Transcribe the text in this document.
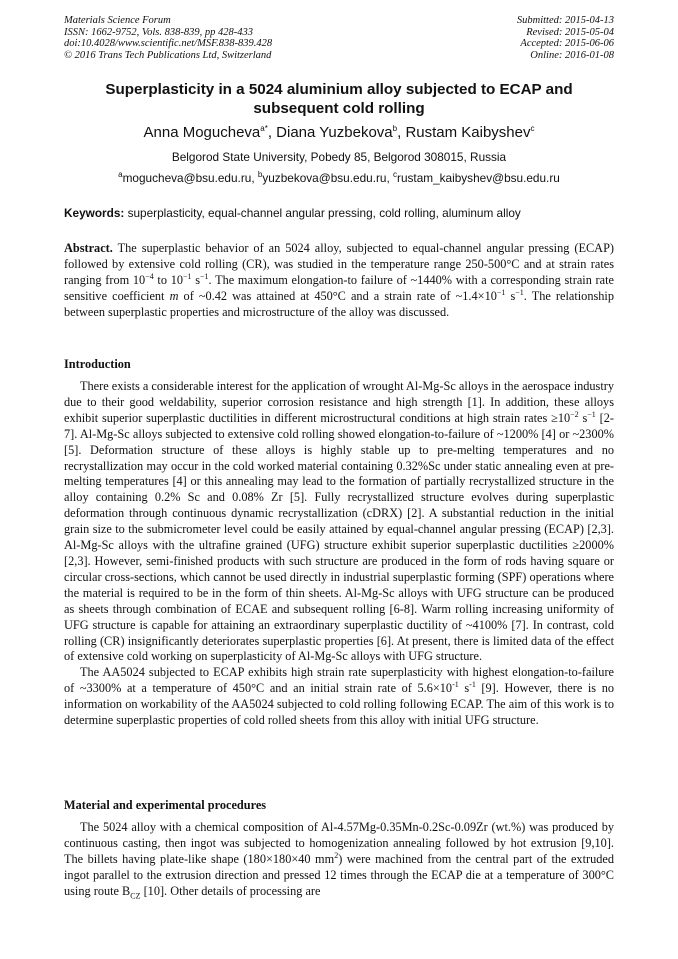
Materials Science Forum
ISSN: 1662-9752, Vols. 838-839, pp 428-433
doi:10.4028/www.scientific.net/MSF.838-839.428
© 2016 Trans Tech Publications Ltd, Switzerland
Submitted: 2015-04-13
Revised: 2015-05-04
Accepted: 2015-06-06
Online: 2016-01-08
Superplasticity in a 5024 aluminium alloy subjected to ECAP and
subsequent cold rolling
Anna Mogucheva$^{a*}$, Diana Yuzbekova$^b$, Rustam Kaibyshev$^c$
Belgorod State University, Pobedy 85, Belgorod 308015, Russia
$^a$mogucheva@bsu.edu.ru, $^b$yuzbekova@bsu.edu.ru, $^c$rustam_kaibyshev@bsu.edu.ru
Keywords: superplasticity, equal-channel angular pressing, cold rolling, aluminum alloy

Abstract. The superplastic behavior of an 5024 alloy, subjected to equal-channel angular pressing (ECAP) followed by extensive cold rolling (CR), was studied in the temperature range 250-500°C and at strain rates ranging from $10^{-4}$ to $10^{-1}$ $s^{-1}$. The maximum elongation-to failure of ~1440% with a corresponding strain rate sensitive coefficient m of ~0.42 was attained at 450°C and a strain rate of $\sim 1.4\times 10^{-1}$ $s^{-1}$. The relationship between superplastic properties and microstructure of the alloy was discussed.

Introduction

There exists a considerable interest for the application of wrought Al-Mg-Sc alloys in the aerospace industry due to their good weldability, superior corrosion resistance and high strength [1]. In addition, these alloys exhibit superior superplastic ductilities in different microstructural conditions at high strain rates $\ge 10^{-2}$ $s^{-1}$ [2-7]. Al-Mg-Sc alloys subjected to extensive cold rolling showed elongation-to-failure of ~1200% [4] or ~2300% [5]. Deformation structure of these alloys is highly stable up to pre-melting temperatures and no recrystallization may occur in the cold worked material containing 0.32%Sc under static annealing even at pre-melting temperatures [4] or this annealing may lead to the formation of partially recrystallized structure in the alloy containing 0.2% Sc and 0.08% Zr [5]. Fully recrystallized structure evolves during superplastic deformation through continuous dynamic recrystallization (cDRX) [2]. A substantial reduction in the initial grain size to the submicrometer level could be easily attained by equal-channel angular pressing (ECAP) [2,3]. Al-Mg-Sc alloys with the ultrafine grained (UFG) structure exhibit superior superplastic ductilities ≥2000% [2,3]. However, semi-finished products with such structure are produced in the form of rods having square or circular cross-sections, which cannot be used directly in industrial superplastic forming (SPF) operations where the material is required to be in the form of thin sheets. Al-Mg-Sc alloys with UFG structure can be produced as sheets through combination of ECAE and subsequent rolling [6-8]. Warm rolling increasing uniformity of UFG structure is capable for attaining an extraordinary superplastic ductility of ~4100% [7]. In contrast, cold rolling (CR) insignificantly deteriorates superplastic properties [6]. At present, there is limited data of the effect of extensive cold working on superplasticity of Al-Mg-Sc alloys with UFG structure.

The AA5024 subjected to ECAP exhibits high strain rate superplasticity with highest elongation-to-failure of ~3300% at a temperature of 450°C and an initial strain rate of $5.6\times 10^{-1}$ $s^{-1}$ [9]. However, there is no information on workability of the AA5024 subjected to cold rolling following ECAP. The aim of this work is to determine superplastic properties of cold rolled sheets from this alloy with initial UFG structure.

Material and experimental procedures

The 5024 alloy with a chemical composition of Al-4.57Mg-0.35Mn-0.2Sc-0.09Zr (wt.%) was produced by continuous casting, then ingot was subjected to homogenization annealing followed by hot extrusion [9,10]. The billets having plate-like shape (180×180×40 $mm^2$) were machined from the central part of the extruded ingot parallel to the extrusion direction and pressed 12 times through the ECAP die at a temperature of 300°C using route $B_{CZ}$ [10]. Other details of processing are
